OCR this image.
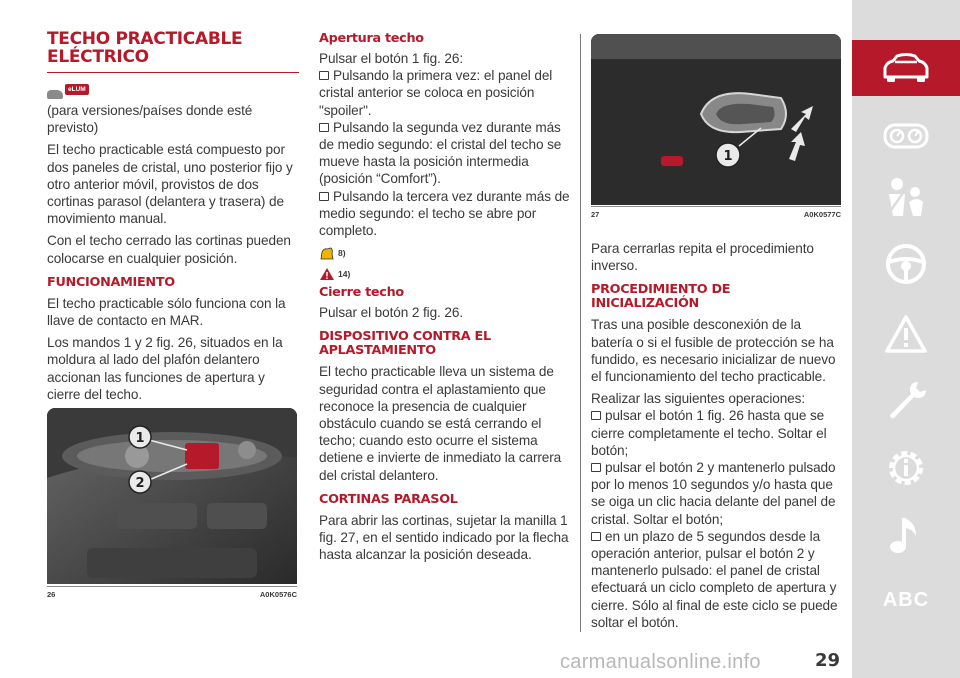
TECHO PRACTICABLE
ELÉCTRICO
eLUM

(para versiones/países donde esté previsto)

El techo practicable está compuesto por dos paneles de cristal, uno posterior fijo y otro anterior móvil, provistos de dos cortinas parasol (delantera y trasera) de movimiento manual.

Con el techo cerrado las cortinas pueden colocarse en cualquier posición.

FUNCIONAMIENTO

El techo practicable sólo funciona con la llave de contacto en MAR.

Los mandos 1 y 2 fig. 26, situados en la moldura al lado del plafón delantero accionan las funciones de apertura y cierre del techo.

1
2
26	A0K0576C
Apertura techo

Pulsar el botón 1 fig. 26:

Pulsando la primera vez: el panel del cristal anterior se coloca en posición "spoiler".

Pulsando la segunda vez durante más de medio segundo: el cristal del techo se mueve hasta la posición intermedia (posición “Comfort”).

Pulsando la tercera vez durante más de medio segundo: el techo se abre por completo.

8)
14)
Cierre techo

Pulsar el botón 2 fig. 26.

DISPOSITIVO CONTRA EL
APLASTAMIENTO

El techo practicable lleva un sistema de seguridad contra el aplastamiento que reconoce la presencia de cualquier obstáculo cuando se está cerrando el techo; cuando esto ocurre el sistema detiene e invierte de inmediato la carrera del cristal delantero.

CORTINAS PARASOL

Para abrir las cortinas, sujetar la manilla 1 fig. 27, en el sentido indicado por la flecha hasta alcanzar la posición deseada.

1
27	A0K0577C

Para cerrarlas repita el procedimiento inverso.

PROCEDIMIENTO DE INICIALIZACIÓN

Tras una posible desconexión de la batería o si el fusible de protección se ha fundido, es necesario inicializar de nuevo el funcionamiento del techo practicable.

Realizar las siguientes operaciones:

pulsar el botón 1 fig. 26 hasta que se cierre completamente el techo. Soltar el botón;

pulsar el botón 2 y mantenerlo pulsado por lo menos 10 segundos y/o hasta que se oiga un clic hacia delante del panel de cristal. Soltar el botón;

en un plazo de 5 segundos desde la operación anterior, pulsar el botón 2 y mantenerlo pulsado: el panel de cristal efectuará un ciclo completo de apertura y cierre. Sólo al final de este ciclo se puede soltar el botón.

ABC
carmanualsonline.info	29
